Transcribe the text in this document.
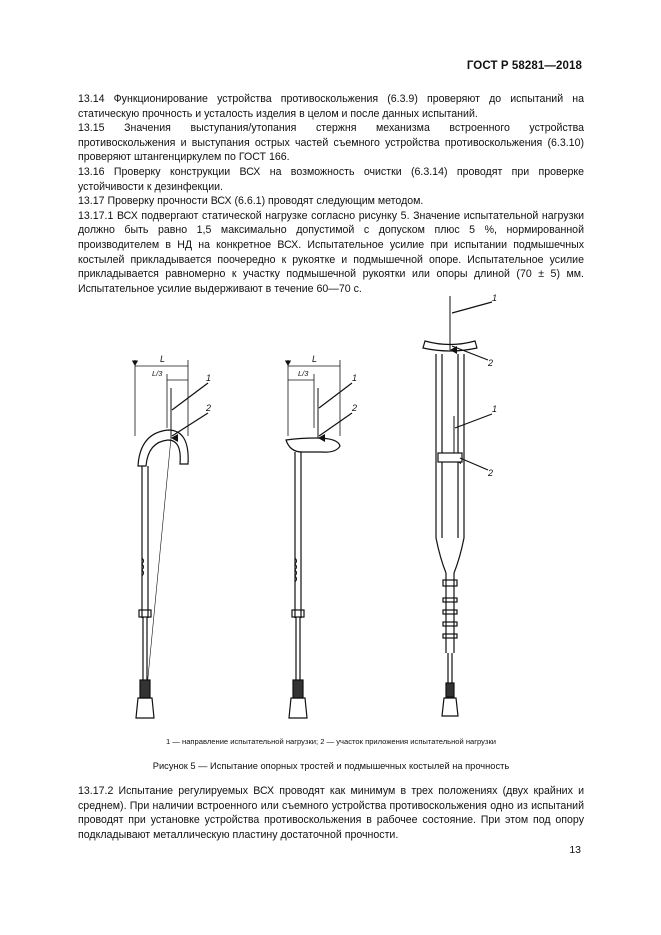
ГОСТ Р 58281—2018

13.14 Функционирование устройства противоскольжения (6.3.9) проверяют до испытаний на статическую прочность и усталость изделия в целом и после данных испытаний.

13.15 Значения выступания/утопания стержня механизма встроенного устройства противоскольжения и выступания острых частей съемного устройства противоскольжения (6.3.10) проверяют штангенциркулем по ГОСТ 166.

13.16 Проверку конструкции ВСХ на возможность очистки (6.3.14) проводят при проверке устойчивости к дезинфекции.

13.17 Проверку прочности ВСХ (6.6.1) проводят следующим методом.

13.17.1 ВСХ подвергают статической нагрузке согласно рисунку 5. Значение испытательной нагрузки должно быть равно 1,5 максимально допустимой с допуском плюс 5 %, нормированной производителем в НД на конкретное ВСХ. Испытательное усилие при испытании подмышечных костылей прикладывается поочередно к рукоятке и подмышечной опоре. Испытательное усилие прикладывается равномерно к участку подмышечной рукоятки или опоры длиной (70 ± 5) мм. Испытательное усилие выдерживают в течение 60—70 с.

L
L/3	1
2
L
L/3	1
2
1
2
1
2
1 — направление испытательной нагрузки; 2 — участок приложения испытательной нагрузки
Рисунок 5 — Испытание опорных тростей и подмышечных костылей на прочность

13.17.2 Испытание регулируемых ВСХ проводят как минимум в трех положениях (двух крайних и среднем). При наличии встроенного или съемного устройства противоскольжения одно из испытаний проводят при установке устройства противоскольжения в рабочее состояние. При этом под опору подкладывают металлическую пластину достаточной прочности.

13
